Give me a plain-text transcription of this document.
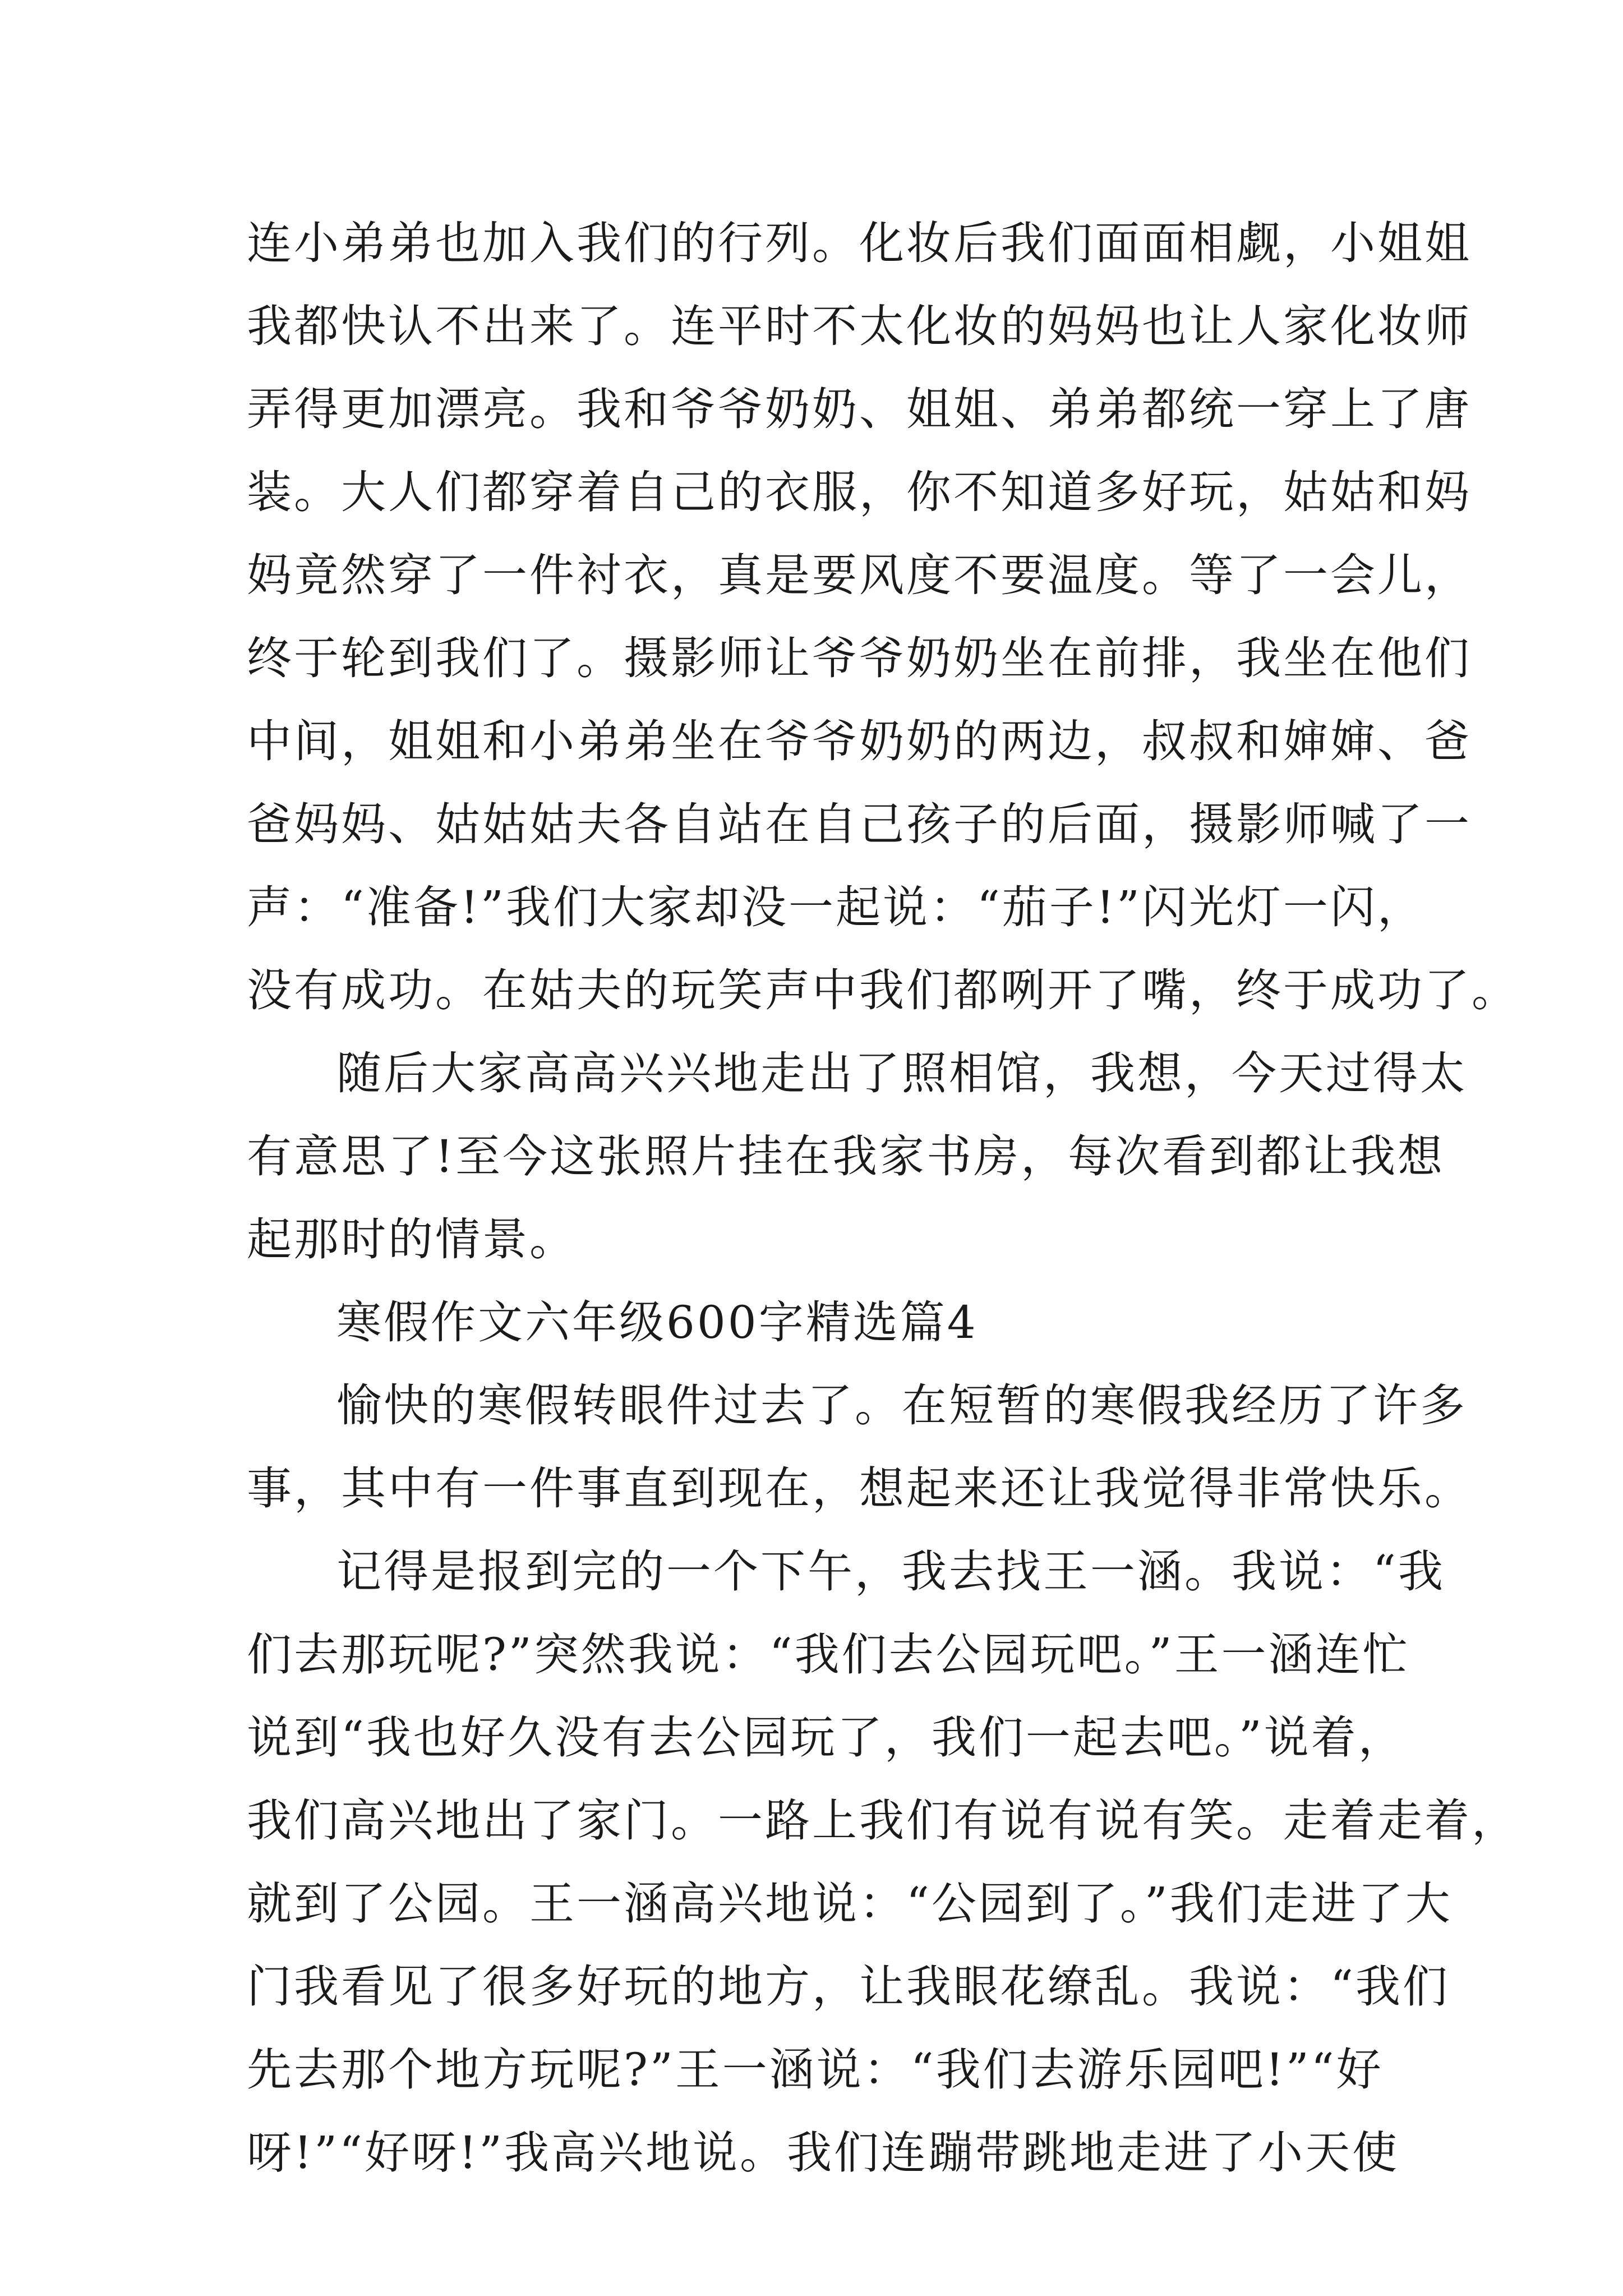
连小弟弟也加入我们的行列。化妆后我们面面相觑，小姐姐
我都快认不出来了。连平时不太化妆的妈妈也让人家化妆师
弄得更加漂亮。我和爷爷奶奶、姐姐、弟弟都统一穿上了唐
装。大人们都穿着自己的衣服，你不知道多好玩，姑姑和妈
妈竟然穿了一件衬衣，真是要风度不要温度。等了一会儿，
终于轮到我们了。摄影师让爷爷奶奶坐在前排，我坐在他们
中间，姐姐和小弟弟坐在爷爷奶奶的两边，叔叔和婶婶、爸
爸妈妈、姑姑姑夫各自站在自己孩子的后面，摄影师喊了一
声：“准备!”我们大家却没一起说：“茄子!”闪光灯一闪，
没有成功。在姑夫的玩笑声中我们都咧开了嘴，终于成功了。
随后大家高高兴兴地走出了照相馆，我想，今天过得太
有意思了!至今这张照片挂在我家书房，每次看到都让我想
起那时的情景。
寒假作文六年级600字精选篇4
愉快的寒假转眼件过去了。在短暂的寒假我经历了许多
事，其中有一件事直到现在，想起来还让我觉得非常快乐。
记得是报到完的一个下午，我去找王一涵。我说：“我
们去那玩呢?”突然我说：“我们去公园玩吧。”王一涵连忙
说到“我也好久没有去公园玩了，我们一起去吧。”说着，
我们高兴地出了家门。一路上我们有说有说有笑。走着走着，
就到了公园。王一涵高兴地说：“公园到了。”我们走进了大
门我看见了很多好玩的地方，让我眼花缭乱。我说：“我们
先去那个地方玩呢?”王一涵说：“我们去游乐园吧!”“好
呀!”“好呀!”我高兴地说。我们连蹦带跳地走进了小天使
